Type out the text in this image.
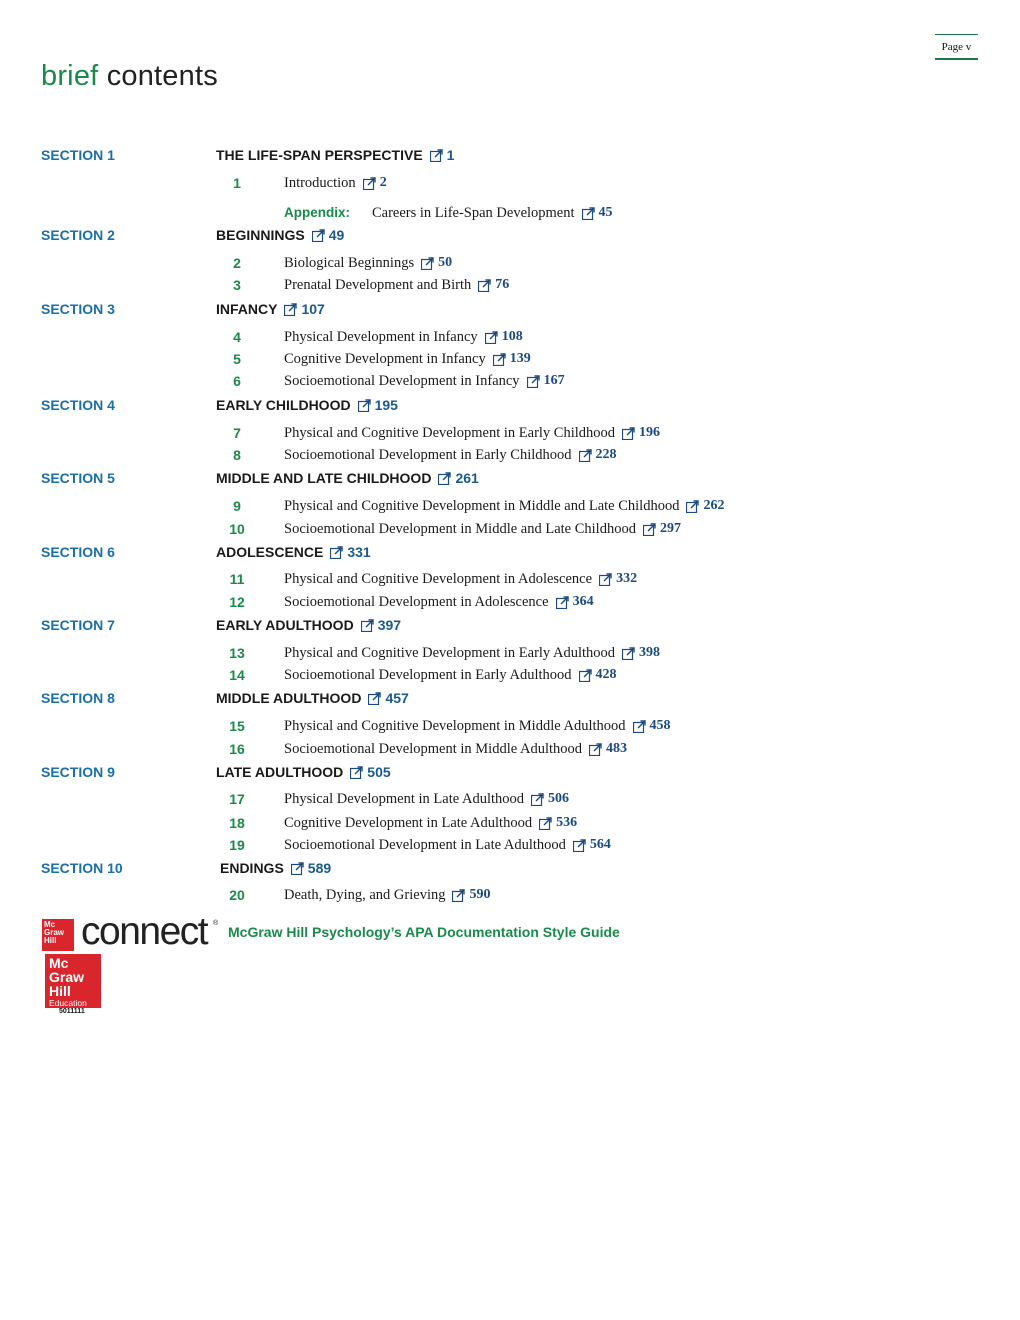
Page v
brief contents
SECTION 1	THE LIFE-SPAN PERSPECTIVE 1
1	Introduction 2
Appendix: Careers in Life-Span Development 45
SECTION 2	BEGINNINGS 49
2	Biological Beginnings 50
3	Prenatal Development and Birth 76
SECTION 3	INFANCY 107
4	Physical Development in Infancy 108
5	Cognitive Development in Infancy 139
6	Socioemotional Development in Infancy 167
SECTION 4	EARLY CHILDHOOD 195
7	Physical and Cognitive Development in Early Childhood 196
8	Socioemotional Development in Early Childhood 228
SECTION 5	MIDDLE AND LATE CHILDHOOD 261
9	Physical and Cognitive Development in Middle and Late Childhood 262
10	Socioemotional Development in Middle and Late Childhood 297
SECTION 6	ADOLESCENCE 331
11	Physical and Cognitive Development in Adolescence 332
12	Socioemotional Development in Adolescence 364
SECTION 7	EARLY ADULTHOOD 397
13	Physical and Cognitive Development in Early Adulthood 398
14	Socioemotional Development in Early Adulthood 428
SECTION 8	MIDDLE ADULTHOOD 457
15	Physical and Cognitive Development in Middle Adulthood 458
16	Socioemotional Development in Middle Adulthood 483
SECTION 9	LATE ADULTHOOD 505
17	Physical Development in Late Adulthood 506
18	Cognitive Development in Late Adulthood 536
19	Socioemotional Development in Late Adulthood 564
SECTION 10	ENDINGS 589
20	Death, Dying, and Grieving 590
Mc
Graw
Hill connect ®
McGraw Hill Psychology’s APA Documentation Style Guide
Mc
Graw
Hill
Education
5011111
